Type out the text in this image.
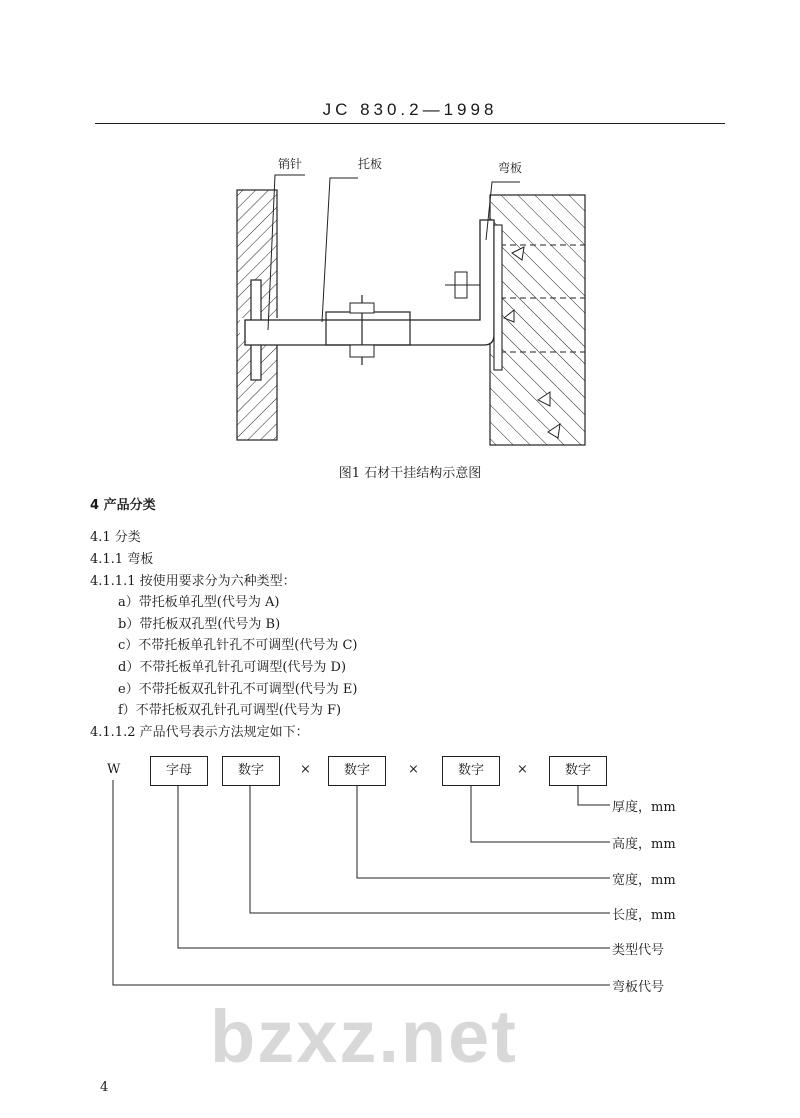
JC 830.2—1998
bzxz.net
销针	托板	弯板
图1 石材干挂结构示意图
4 产品分类
4.1 分类
4.1.1 弯板
4.1.1.1 按使用要求分为六种类型：
a）带托板单孔型(代号为 A)
b）带托板双孔型(代号为 B)
c）不带托板单孔针孔不可调型(代号为 C)
d）不带托板单孔针孔可调型(代号为 D)
e）不带托板双孔针孔不可调型(代号为 E)
f）不带托板双孔针孔可调型(代号为 F)
4.1.1.2 产品代号表示方法规定如下：
W	字母	数字	×	数字	×	数字	×	数字
厚度，mm
高度，mm
宽度，mm
长度，mm
类型代号
弯板代号
4
